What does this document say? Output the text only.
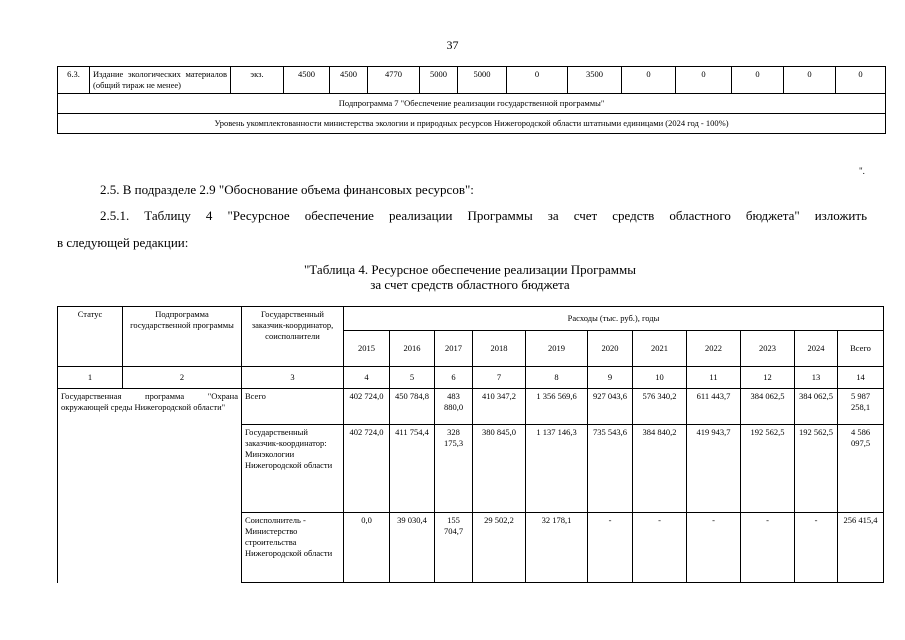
37
6.3.	Издание экологических материалов (общий тираж не менее)	экз.	4500	4500	4770	5000	5000	0	3500	0	0	0	0	0
Подпрограмма 7 "Обеспечение реализации государственной программы"
Уровень укомплектованности министерства экологии и природных ресурсов Нижегородской области штатными единицами (2024 год - 100%)
".
2.5. В подразделе 2.9 "Обоснование объема финансовых ресурсов":
2.5.1. Таблицу 4 "Ресурсное обеспечение реализации Программы за счет средств областного бюджета" изложить
в следующей редакции:
"Таблица 4. Ресурсное обеспечение реализации Программы
за счет средств областного бюджета
Статус	Подпрограмма государственной программы	Государственный заказчик-координатор, соисполнители	Расходы (тыс. руб.), годы										
			2015	2016	2017	2018	2019	2020	2021	2022	2023	2024	Всего
1	2	3	4	5	6	7	8	9	10	11	12	13	14
Государственная программа "Охрана окружающей среды Нижегородской области"		Всего	402 724,0	450 784,8	483 880,0	410 347,2	1 356 569,6	927 043,6	576 340,2	611 443,7	384 062,5	384 062,5	5 987 258,1
		Государственный заказчик-координатор: Минэкологии Нижегородской области	402 724,0	411 754,4	328 175,3	380 845,0	1 137 146,3	735 543,6	384 840,2	419 943,7	192 562,5	192 562,5	4 586 097,5
		Соисполнитель - Министерство строительства Нижегородской области	0,0	39 030,4	155 704,7	29 502,2	32 178,1	-	-	-	-	-	256 415,4
